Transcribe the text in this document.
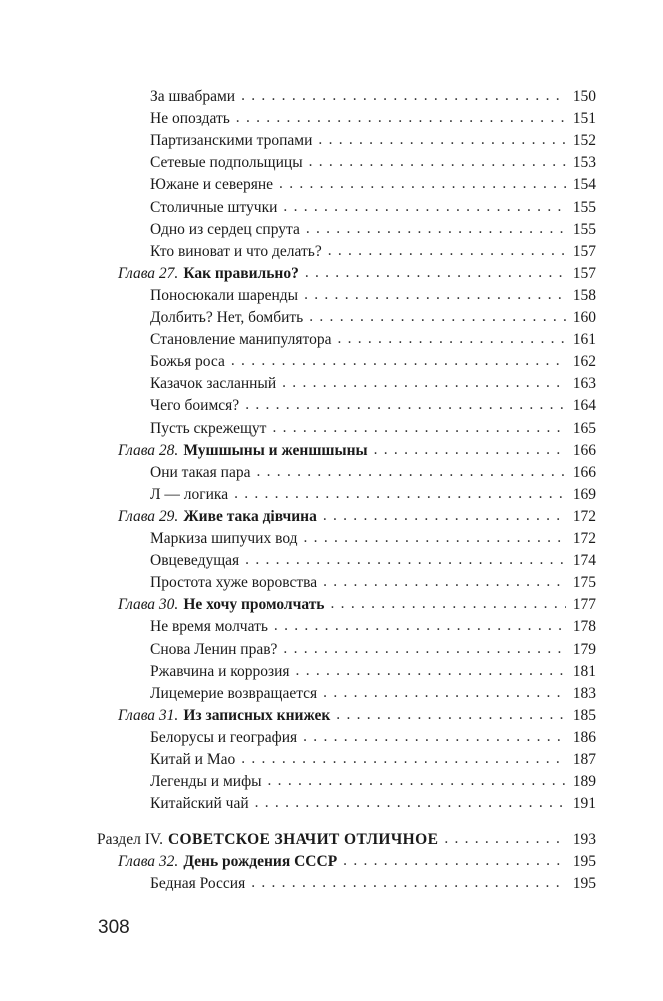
За швабрами . . .	150
Не опоздать . . .	151
Партизанскими тропами . . .	152
Сетевые подпольщицы . . .	153
Южане и северяне . . .	154
Столичные штучки . . .	155
Одно из сердец спрута . . .	155
Кто виноват и что делать? . . .	157
Глава 27. Как правильно? . . .	157
Поносюкали шаренды . . .	158
Долбить? Нет, бомбить . . .	160
Становление манипулятора . . .	161
Божья роса . . .	162
Казачок засланный . . .	163
Чего боимся? . . .	164
Пусть скрежещут . . .	165
Глава 28. Мушшыны и женшшыны . . .	166
Они такая пара . . .	166
Л — логика . . .	169
Глава 29. Живе така дівчина . . .	172
Маркиза шипучих вод . . .	172
Овцеведущая . . .	174
Простота хуже воровства . . .	175
Глава 30. Не хочу промолчать . . .	177
Не время молчать . . .	178
Снова Ленин прав? . . .	179
Ржавчина и коррозия . . .	181
Лицемерие возвращается . . .	183
Глава 31. Из записных книжек . . .	185
Белорусы и география . . .	186
Китай и Мао . . .	187
Легенды и мифы . . .	189
Китайский чай . . .	191
Раздел IV. СОВЕТСКОЕ ЗНАЧИТ ОТЛИЧНОЕ . . .	193
Глава 32. День рождения СССР . . .	195
Бедная Россия . . .	195
308
